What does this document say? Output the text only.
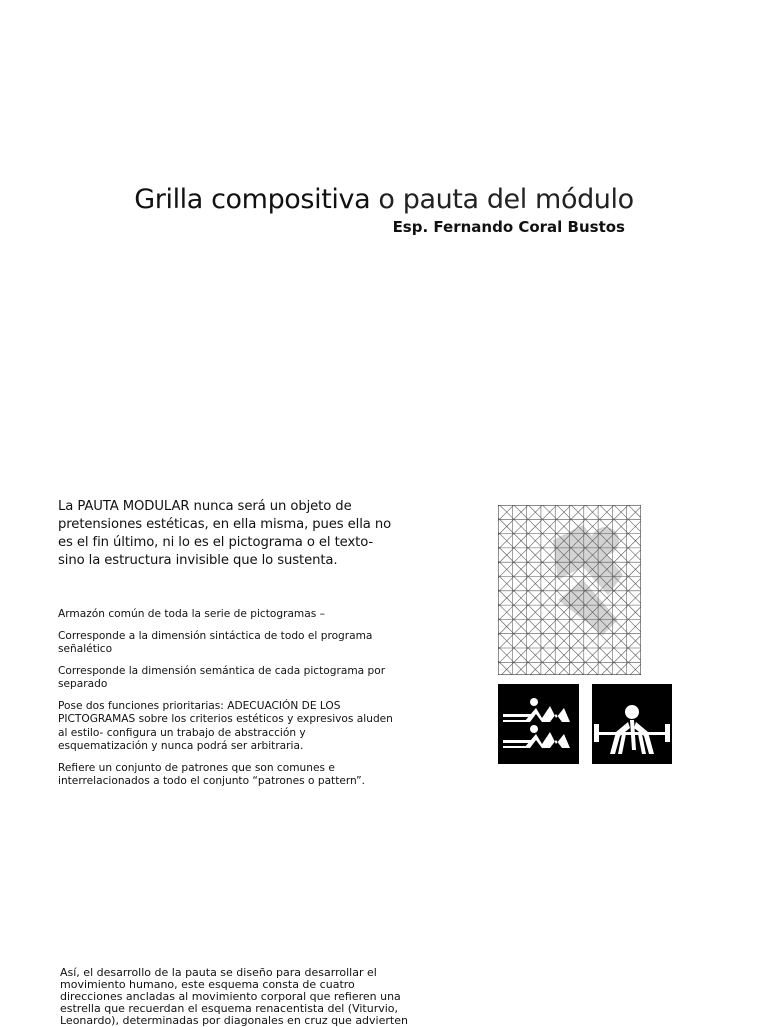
Grilla compositiva o pauta del módulo
Esp. Fernando Coral Bustos
La PAUTA MODULAR nunca será un objeto de pretensiones estéticas, en ella misma, pues ella no es el fin último, ni lo es el pictograma o el texto- sino la estructura invisible que lo sustenta.

Armazón común de toda la serie de pictogramas –

Corresponde a la dimensión sintáctica de todo el programa señalético

Corresponde la dimensión semántica de cada pictograma por separado

Pose dos funciones prioritarias: ADECUACIÓN DE LOS PICTOGRAMAS sobre los criterios estéticos y expresivos aluden al estilo- configura un trabajo de abstracción y esquematización y nunca podrá ser arbitraria.

Refiere un conjunto de patrones que son comunes e interrelacionados a todo el conjunto “patrones o pattern”.

Así, el desarrollo de la pauta se diseño para desarrollar el movimiento humano, este esquema consta de cuatro direcciones ancladas al movimiento corporal que refieren una estrella que recuerdan el esquema renacentista del (Viturvio, Leonardo), determinadas por diagonales en cruz que advierten
